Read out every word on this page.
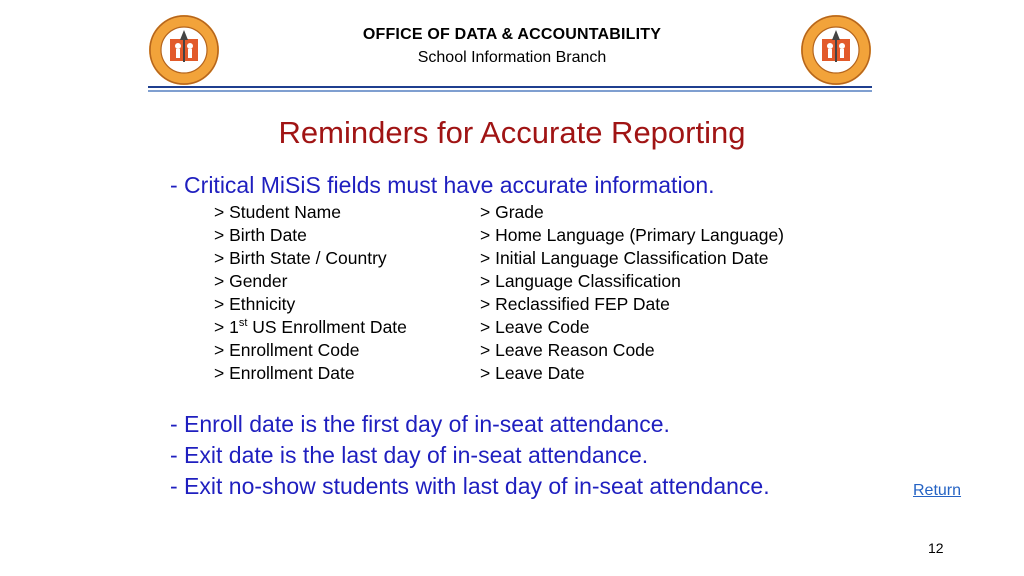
OFFICE OF DATA & ACCOUNTABILITY
School Information Branch
Reminders for Accurate Reporting
- Critical MiSiS fields must have accurate information.
> Student Name
> Birth Date
> Birth State / Country
> Gender
> Ethnicity
> 1st US Enrollment Date
> Enrollment Code
> Enrollment Date
> Grade
> Home Language (Primary Language)
> Initial Language Classification Date
> Language Classification
> Reclassified FEP Date
> Leave Code
> Leave Reason Code
> Leave Date
- Enroll date is the first day of in-seat attendance.
- Exit date is the last day of in-seat attendance.
- Exit no-show students with last day of in-seat attendance.	Return
12
